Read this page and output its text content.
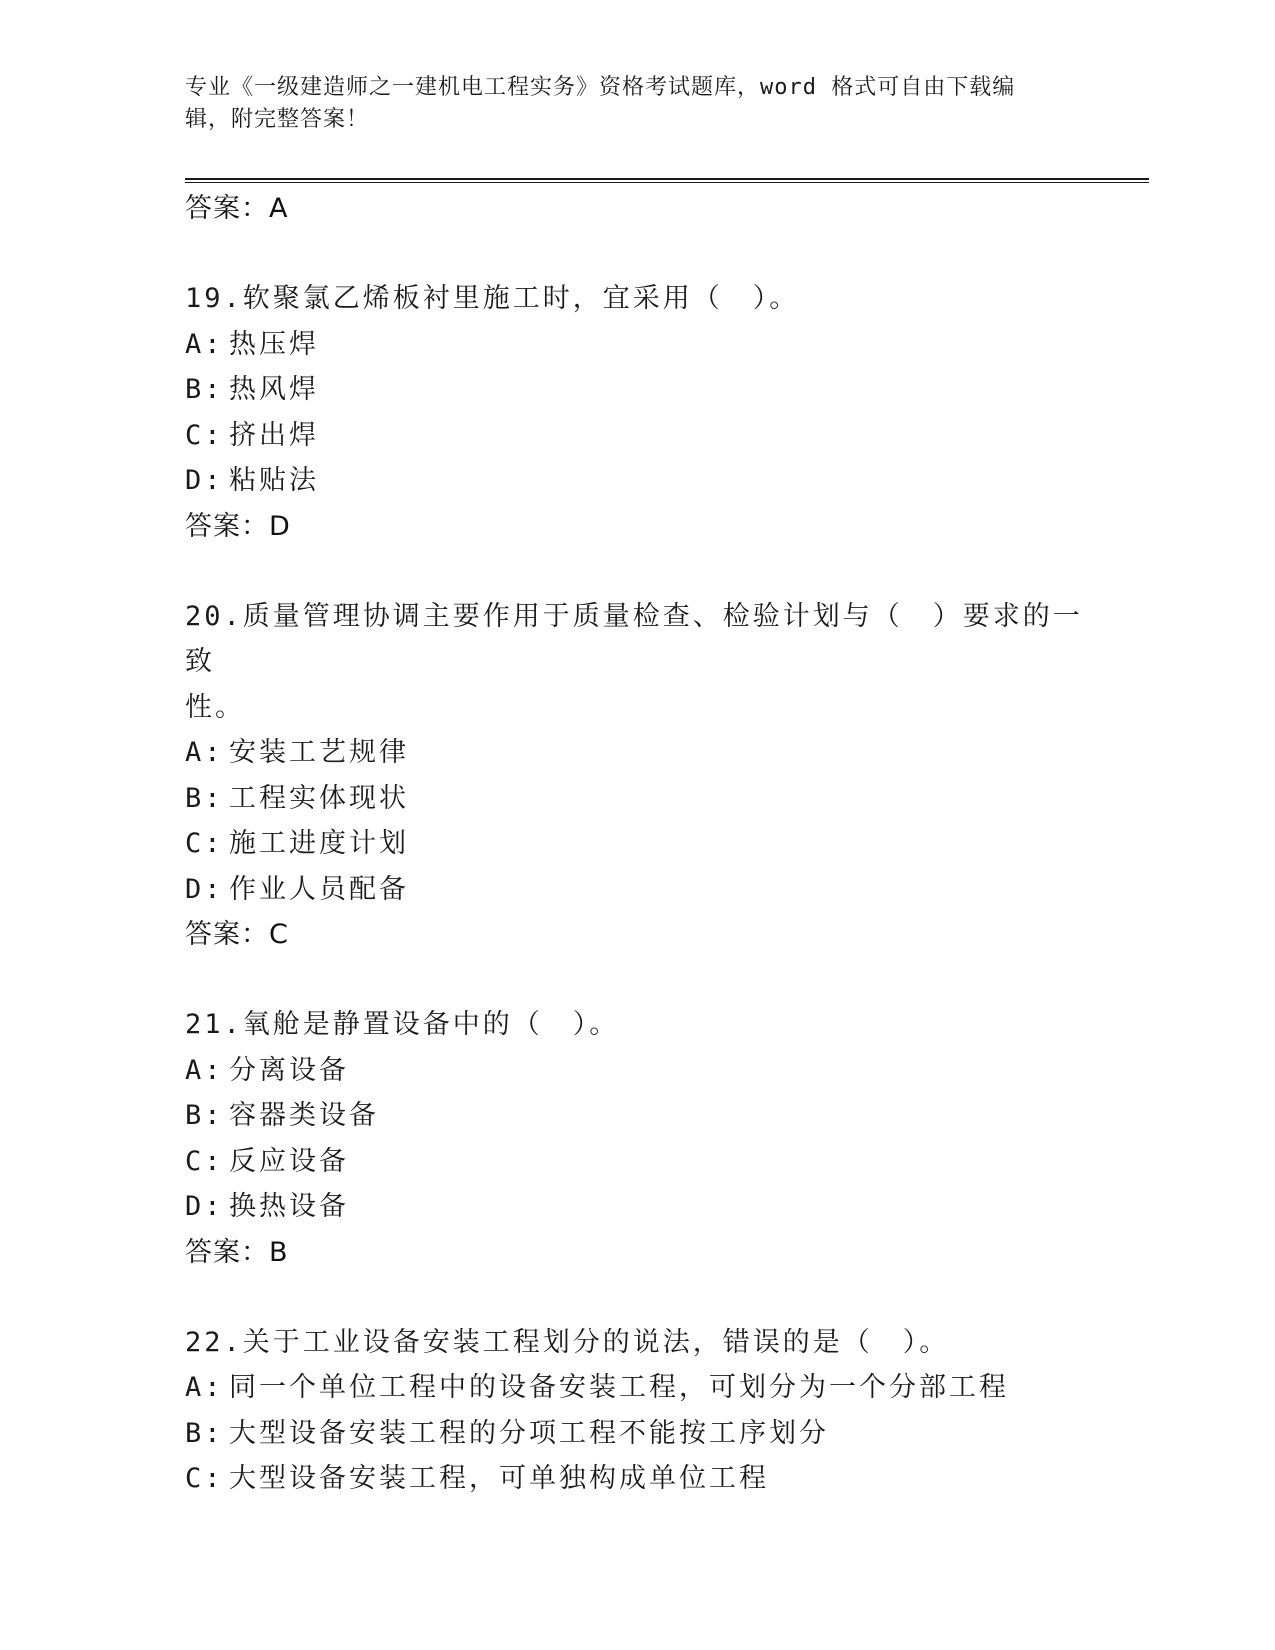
专业《一级建造师之一建机电工程实务》资格考试题库，word 格式可自由下载编
辑，附完整答案！
答案：A
19.软聚氯乙烯板衬里施工时，宜采用（　）。
A: 热压焊
B: 热风焊
C: 挤出焊
D: 粘贴法
答案：D
20.质量管理协调主要作用于质量检查、检验计划与（　）要求的一致
性。
A: 安装工艺规律
B: 工程实体现状
C: 施工进度计划
D: 作业人员配备
答案：C
21.氧舱是静置设备中的（　）。
A: 分离设备
B: 容器类设备
C: 反应设备
D: 换热设备
答案：B
22.关于工业设备安装工程划分的说法，错误的是（　）。
A: 同一个单位工程中的设备安装工程，可划分为一个分部工程
B: 大型设备安装工程的分项工程不能按工序划分
C: 大型设备安装工程，可单独构成单位工程
